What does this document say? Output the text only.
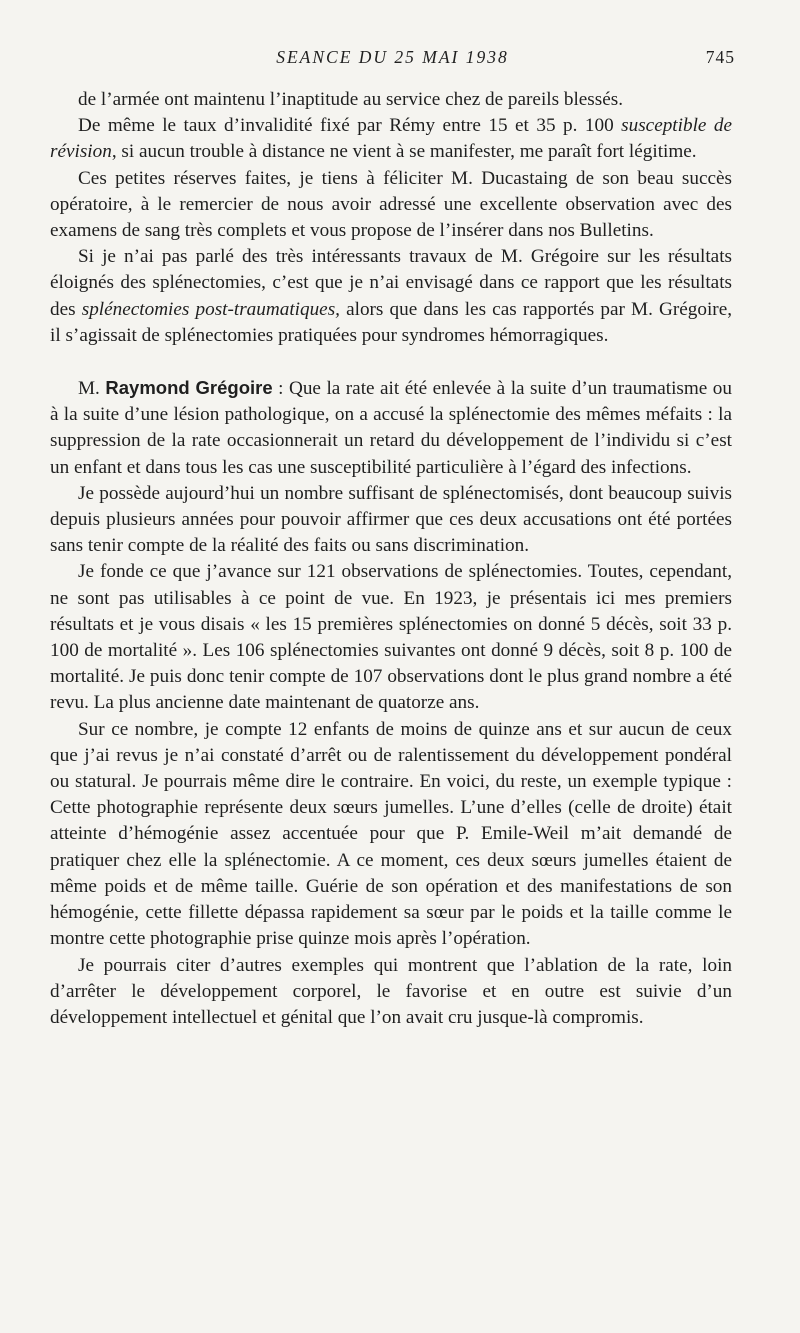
SEANCE DU 25 MAI 1938	745

de l’armée ont maintenu l’inaptitude au service chez de pareils blessés.

De même le taux d’invalidité fixé par Rémy entre 15 et 35 p. 100 susceptible de révision, si aucun trouble à distance ne vient à se manifester, me paraît fort légitime.

Ces petites réserves faites, je tiens à féliciter M. Ducastaing de son beau succès opératoire, à le remercier de nous avoir adressé une excellente observation avec des examens de sang très complets et vous propose de l’insérer dans nos Bulletins.

Si je n’ai pas parlé des très intéressants travaux de M. Grégoire sur les résultats éloignés des splénectomies, c’est que je n’ai envisagé dans ce rapport que les résultats des splénectomies post-traumatiques, alors que dans les cas rapportés par M. Grégoire, il s’agissait de splénectomies pratiquées pour syndromes hémorragiques.

M. Raymond Grégoire : Que la rate ait été enlevée à la suite d’un traumatisme ou à la suite d’une lésion pathologique, on a accusé la splénectomie des mêmes méfaits : la suppression de la rate occasionnerait un retard du développement de l’individu si c’est un enfant et dans tous les cas une susceptibilité particulière à l’égard des infections.

Je possède aujourd’hui un nombre suffisant de splénectomisés, dont beaucoup suivis depuis plusieurs années pour pouvoir affirmer que ces deux accusations ont été portées sans tenir compte de la réalité des faits ou sans discrimination.

Je fonde ce que j’avance sur 121 observations de splénectomies. Toutes, cependant, ne sont pas utilisables à ce point de vue. En 1923, je présentais ici mes premiers résultats et je vous disais « les 15 premières splénectomies on donné 5 décès, soit 33 p. 100 de mortalité ». Les 106 splénectomies suivantes ont donné 9 décès, soit 8 p. 100 de mortalité. Je puis donc tenir compte de 107 observations dont le plus grand nombre a été revu. La plus ancienne date maintenant de quatorze ans.

Sur ce nombre, je compte 12 enfants de moins de quinze ans et sur aucun de ceux que j’ai revus je n’ai constaté d’arrêt ou de ralentissement du développement pondéral ou statural. Je pourrais même dire le contraire. En voici, du reste, un exemple typique : Cette photographie représente deux sœurs jumelles. L’une d’elles (celle de droite) était atteinte d’hémogénie assez accentuée pour que P. Emile-Weil m’ait demandé de pratiquer chez elle la splénectomie. A ce moment, ces deux sœurs jumelles étaient de même poids et de même taille. Guérie de son opération et des manifestations de son hémogénie, cette fillette dépassa rapidement sa sœur par le poids et la taille comme le montre cette photographie prise quinze mois après l’opération.

Je pourrais citer d’autres exemples qui montrent que l’ablation de la rate, loin d’arrêter le développement corporel, le favorise et en outre est suivie d’un développement intellectuel et génital que l’on avait cru jusque-là compromis.
